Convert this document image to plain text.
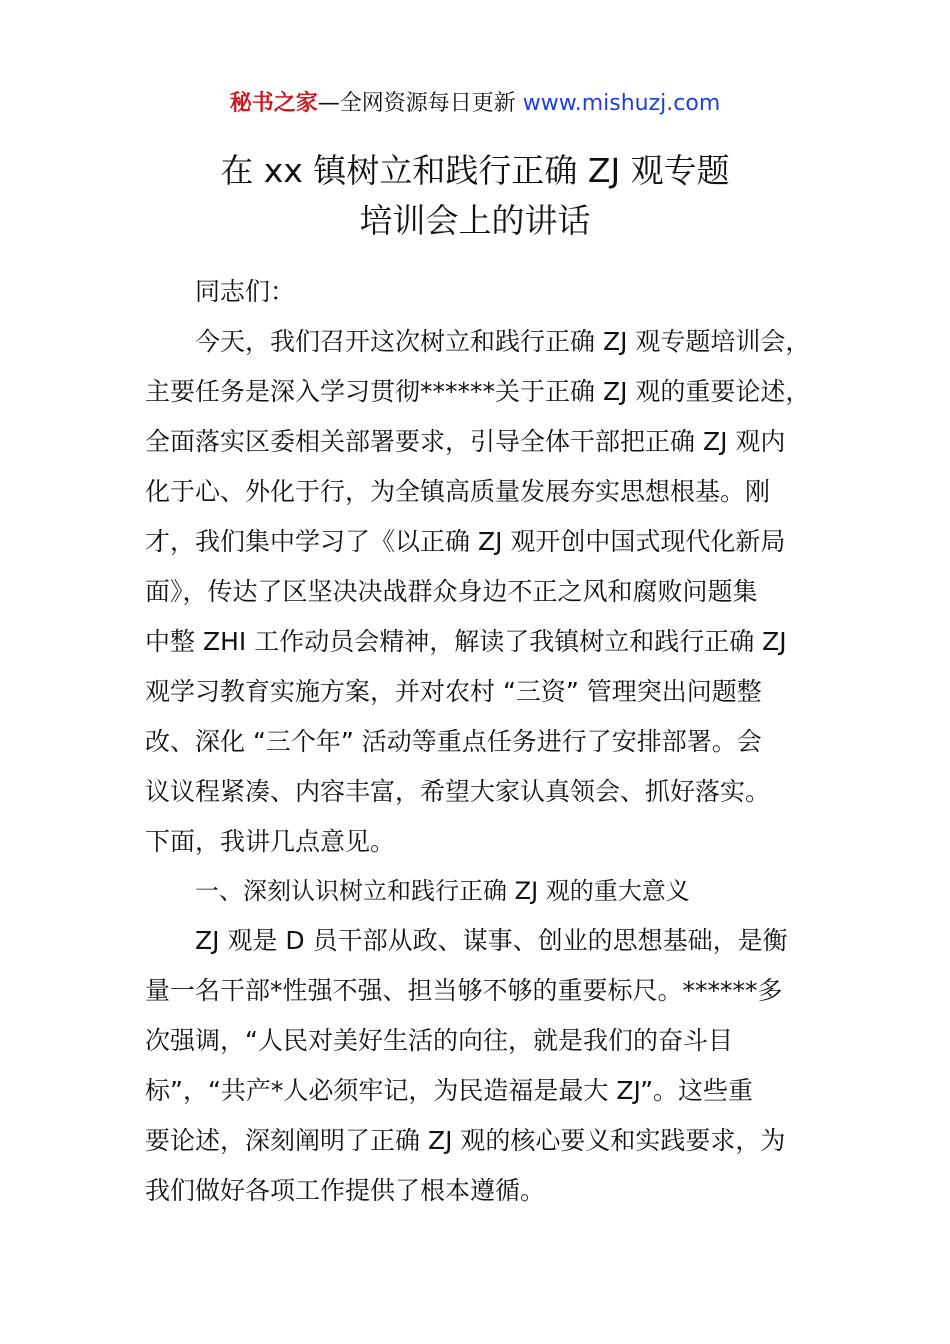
秘书之家—全网资源每日更新 www.mishuzj.com
在 xx 镇树立和践行正确 ZJ 观专题
培训会上的讲话
同志们：
今天，我们召开这次树立和践行正确 ZJ 观专题培训会，
主要任务是深入学习贯彻******关于正确 ZJ 观的重要论述，
全面落实区委相关部署要求，引导全体干部把正确 ZJ 观内
化于心、外化于行，为全镇高质量发展夯实思想根基。刚
才，我们集中学习了《以正确 ZJ 观开创中国式现代化新局
面》，传达了区坚决决战群众身边不正之风和腐败问题集
中整 ZHI 工作动员会精神，解读了我镇树立和践行正确 ZJ
观学习教育实施方案，并对农村 “三资” 管理突出问题整
改、深化 “三个年” 活动等重点任务进行了安排部署。会
议议程紧凑、内容丰富，希望大家认真领会、抓好落实。
下面，我讲几点意见。
一、深刻认识树立和践行正确 ZJ 观的重大意义
ZJ 观是 D 员干部从政、谋事、创业的思想基础，是衡
量一名干部*性强不强、担当够不够的重要标尺。******多
次强调，“人民对美好生活的向往，就是我们的奋斗目
标”，“共产*人必须牢记，为民造福是最大 ZJ”。这些重
要论述，深刻阐明了正确 ZJ 观的核心要义和实践要求，为
我们做好各项工作提供了根本遵循。
